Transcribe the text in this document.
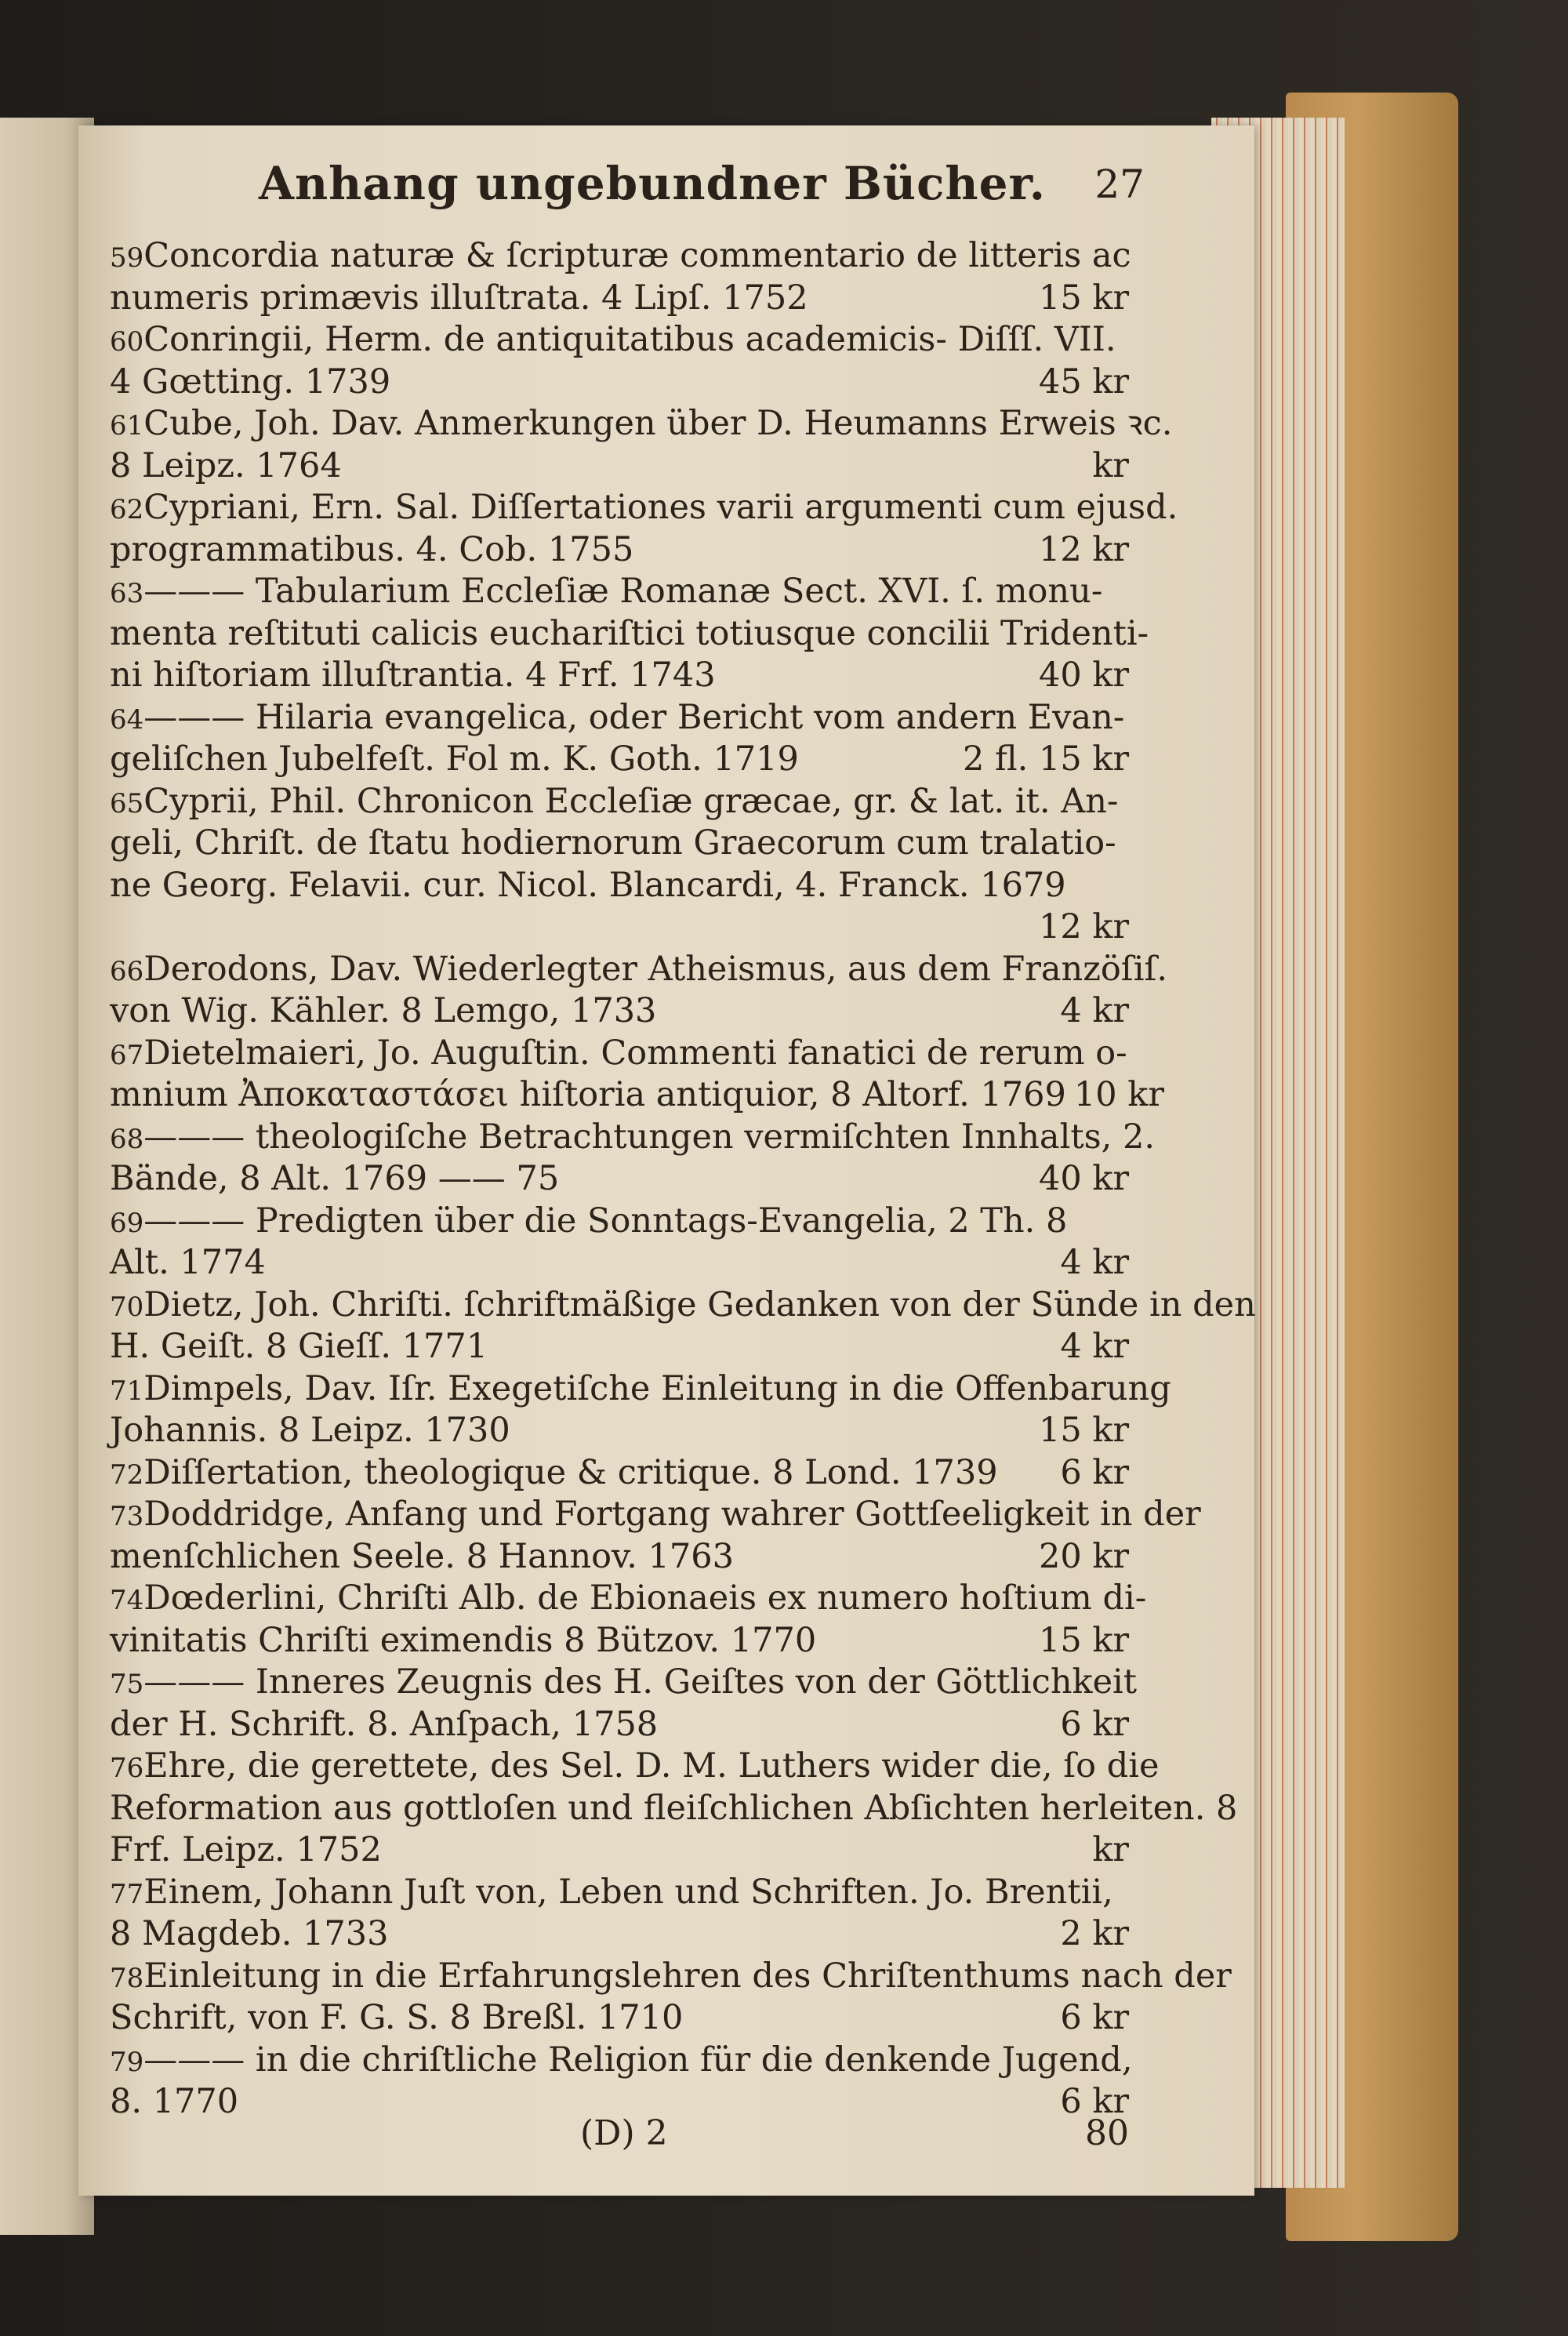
Anhang ungebundner Bücher. 27
59Concordia naturæ & ſcripturæ commentario de litteris ac
numeris primævis illuſtrata. 4 Lipſ. 1752	15 kr
60Conringii, Herm. de antiquitatibus academicis- Diſſſ. VII.
4 Gœtting. 1739	45 kr
61Cube, Joh. Dav. Anmerkungen über D. Heumanns Erweis ꝛc.
8 Leipz. 1764	kr
62Cypriani, Ern. Sal. Diſſertationes varii argumenti cum ejusd.
programmatibus. 4. Cob. 1755	12 kr
63——— Tabularium Eccleſiæ Romanæ Sect. XVI. ſ. monu-
menta reſtituti calicis euchariſtici totiusque concilii Tridenti-
ni hiſtoriam illuſtrantia. 4 Frf. 1743	40 kr
64——— Hilaria evangelica, oder Bericht vom andern Evan-
geliſchen Jubelfeſt. Fol m. K. Goth. 1719	2 fl. 15 kr
65Cyprii, Phil. Chronicon Eccleſiæ græcae, gr. & lat. it. An-
geli, Chriſt. de ſtatu hodiernorum Graecorum cum tralatio-
ne Georg. Felavii. cur. Nicol. Blancardi, 4. Franck. 1679
12 kr
66Derodons, Dav. Wiederlegter Atheismus, aus dem Franzöſiſ.
von Wig. Kähler. 8 Lemgo, 1733	4 kr
67Dietelmaieri, Jo. Auguſtin. Commenti fanatici de rerum o-
mnium Ἀποκαταστάσει hiſtoria antiquior, 8 Altorf. 1769 10 kr
68——— theologiſche Betrachtungen vermiſchten Innhalts, 2.
Bände, 8 Alt. 1769 —— 75	40 kr
69——— Predigten über die Sonntags-Evangelia, 2 Th. 8
Alt. 1774	4 kr
70Dietz, Joh. Chriſti. ſchriftmäßige Gedanken von der Sünde in den
H. Geiſt. 8 Gieſſ. 1771	4 kr
71Dimpels, Dav. Iſr. Exegetiſche Einleitung in die Offenbarung
Johannis. 8 Leipz. 1730	15 kr
72Diſſertation, theologique & critique. 8 Lond. 1739 6 kr
73Doddridge, Anfang und Fortgang wahrer Gottſeeligkeit in der
menſchlichen Seele. 8 Hannov. 1763	20 kr
74Dœderlini, Chriſti Alb. de Ebionaeis ex numero hoſtium di-
vinitatis Chriſti eximendis 8 Bützov. 1770	15 kr
75——— Inneres Zeugnis des H. Geiſtes von der Göttlichkeit
der H. Schrift. 8. Anſpach, 1758	6 kr
76Ehre, die gerettete, des Sel. D. M. Luthers wider die, ſo die
Reformation aus gottloſen und fleiſchlichen Abſichten herleiten. 8
Frf. Leipz. 1752	kr
77Einem, Johann Juſt von, Leben und Schriften. Jo. Brentii,
8 Magdeb. 1733	2 kr
78Einleitung in die Erfahrungslehren des Chriſtenthums nach der
Schrift, von F. G. S. 8 Breßl. 1710	6 kr
79——— in die chriſtliche Religion für die denkende Jugend,
8. 1770	6 kr
(D) 2	80
